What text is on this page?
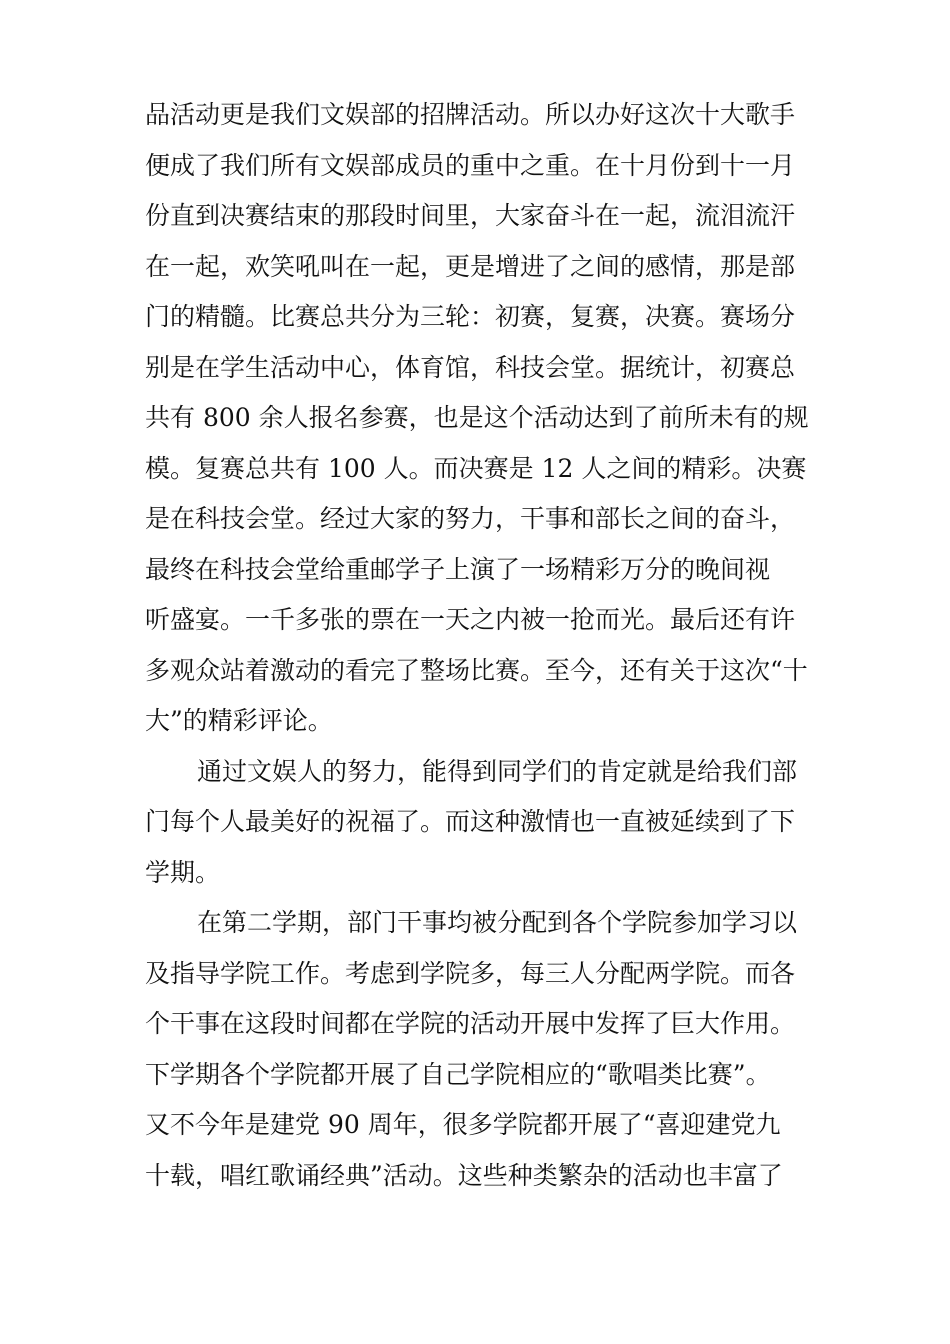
品活动更是我们文娱部的招牌活动。所以办好这次十大歌手
便成了我们所有文娱部成员的重中之重。在十月份到十一月
份直到决赛结束的那段时间里，大家奋斗在一起，流泪流汗
在一起，欢笑吼叫在一起，更是增进了之间的感情，那是部
门的精髓。比赛总共分为三轮：初赛，复赛，决赛。赛场分
别是在学生活动中心，体育馆，科技会堂。据统计，初赛总
共有 800 余人报名参赛，也是这个活动达到了前所未有的规
模。复赛总共有 100 人。而决赛是 12 人之间的精彩。决赛
是在科技会堂。经过大家的努力，干事和部长之间的奋斗，
最终在科技会堂给重邮学子上演了一场精彩万分的晚间视
听盛宴。一千多张的票在一天之内被一抢而光。最后还有许
多观众站着激动的看完了整场比赛。至今，还有关于这次“十
大”的精彩评论。
通过文娱人的努力，能得到同学们的肯定就是给我们部
门每个人最美好的祝福了。而这种激情也一直被延续到了下
学期。
在第二学期，部门干事均被分配到各个学院参加学习以
及指导学院工作。考虑到学院多，每三人分配两学院。而各
个干事在这段时间都在学院的活动开展中发挥了巨大作用。
下学期各个学院都开展了自己学院相应的“歌唱类比赛”。
又不今年是建党 90 周年，很多学院都开展了“喜迎建党九
十载，唱红歌诵经典”活动。这些种类繁杂的活动也丰富了
